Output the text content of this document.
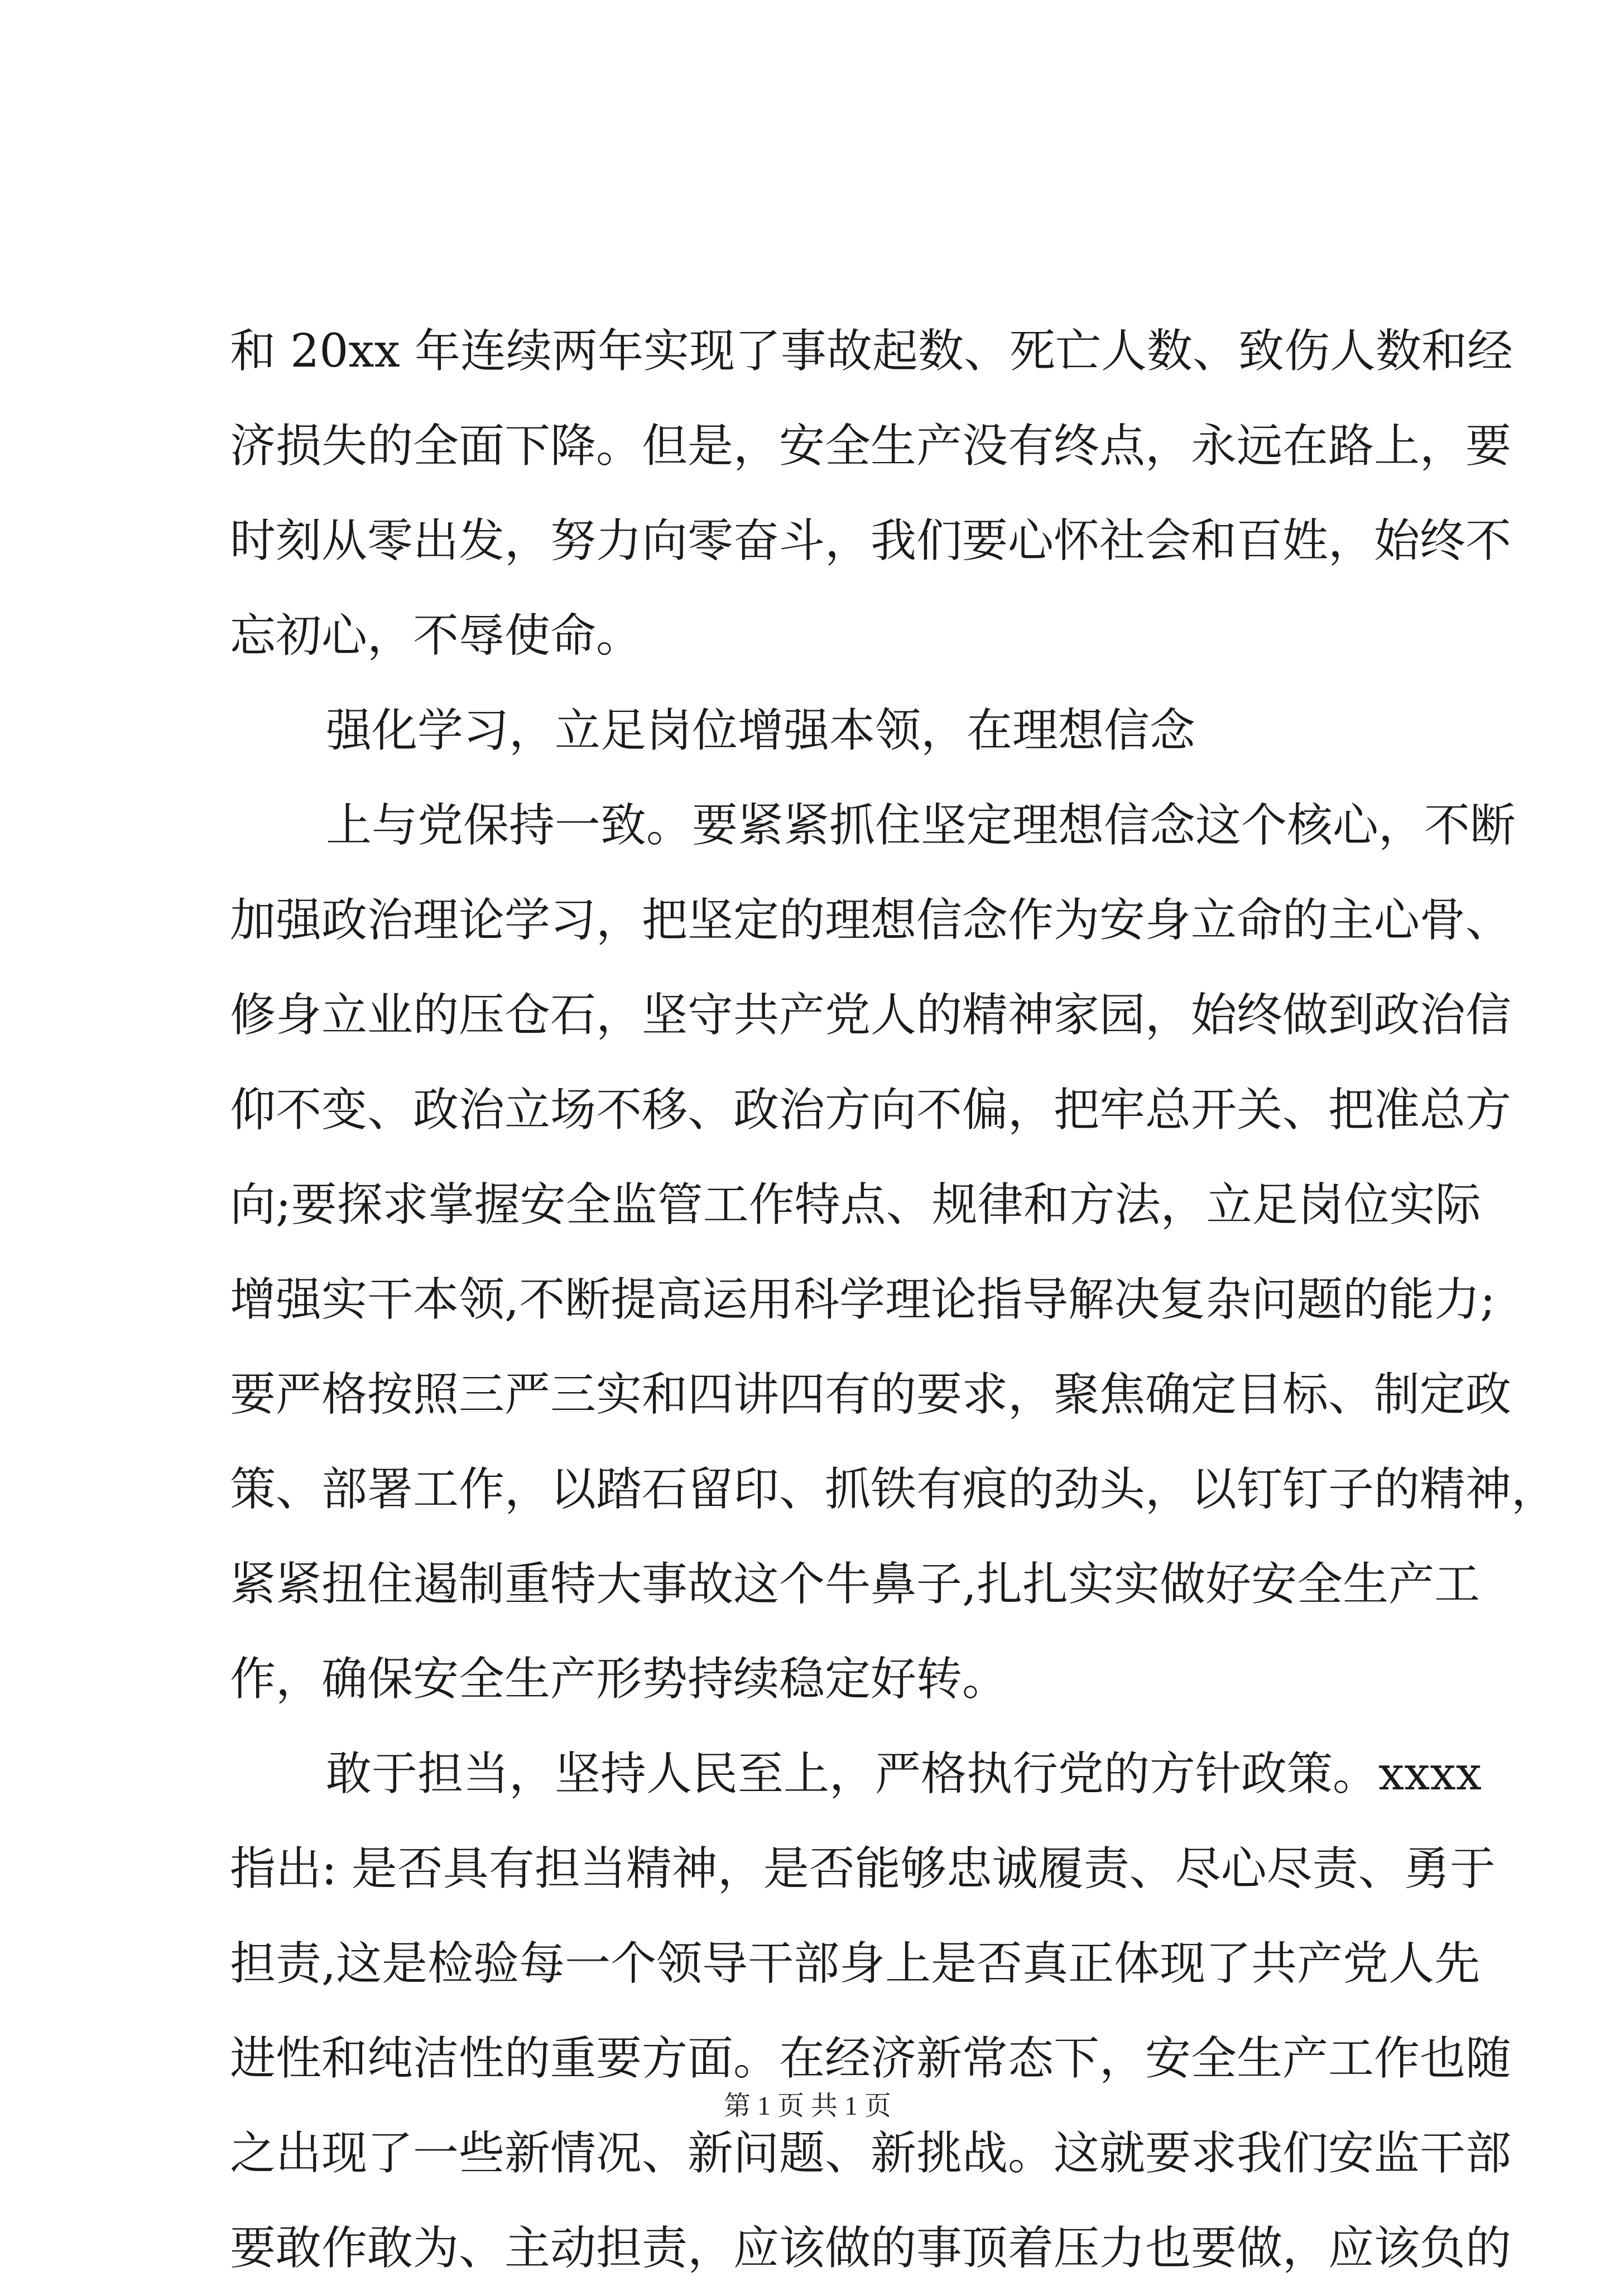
和 20xx 年连续两年实现了事故起数、死亡人数、致伤人数和经
济损失的全面下降。但是，安全生产没有终点，永远在路上，要
时刻从零出发，努力向零奋斗，我们要心怀社会和百姓，始终不
忘初心，不辱使命。
强化学习，立足岗位增强本领，在理想信念
上与党保持一致。要紧紧抓住坚定理想信念这个核心，不断
加强政治理论学习，把坚定的理想信念作为安身立命的主心骨、
修身立业的压仓石，坚守共产党人的精神家园，始终做到政治信
仰不变、政治立场不移、政治方向不偏，把牢总开关、把准总方
向;要探求掌握安全监管工作特点、规律和方法，立足岗位实际
增强实干本领,不断提高运用科学理论指导解决复杂问题的能力;
要严格按照三严三实和四讲四有的要求，聚焦确定目标、制定政
策、部署工作，以踏石留印、抓铁有痕的劲头，以钉钉子的精神，
紧紧扭住遏制重特大事故这个牛鼻子,扎扎实实做好安全生产工
作，确保安全生产形势持续稳定好转。
敢于担当，坚持人民至上，严格执行党的方针政策。xxxx
指出: 是否具有担当精神，是否能够忠诚履责、尽心尽责、勇于
担责,这是检验每一个领导干部身上是否真正体现了共产党人先
进性和纯洁性的重要方面。在经济新常态下，安全生产工作也随
之出现了一些新情况、新问题、新挑战。这就要求我们安监干部
要敢作敢为、主动担责，应该做的事顶着压力也要做，应该负的
第 1 页 共 1 页
